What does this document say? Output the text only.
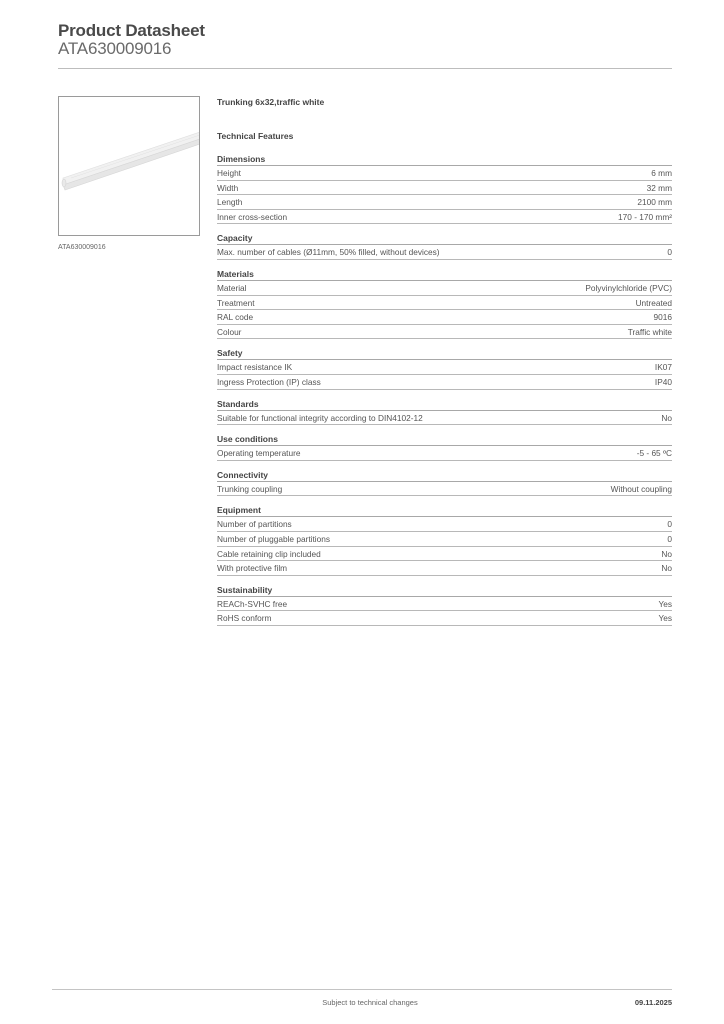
Product Datasheet
ATA630009016
ATA630009016
Trunking 6x32,traffic white
Technical Features
Dimensions
Height	6 mm
Width	32 mm
Length	2100 mm
Inner cross-section	170 - 170 mm²
Capacity
Max. number of cables (Ø11mm, 50% filled, without devices)	0
Materials
Material	Polyvinylchloride (PVC)
Treatment	Untreated
RAL code	9016
Colour	Traffic white
Safety
Impact resistance IK	IK07
Ingress Protection (IP) class	IP40
Standards
Suitable for functional integrity according to DIN4102-12	No
Use conditions
Operating temperature	-5 - 65 ºC
Connectivity
Trunking coupling	Without coupling
Equipment
Number of partitions	0
Number of pluggable partitions	0
Cable retaining clip included	No
With protective film	No
Sustainability
REACh-SVHC free	Yes
RoHS conform	Yes
Subject to technical changes	09.11.2025
